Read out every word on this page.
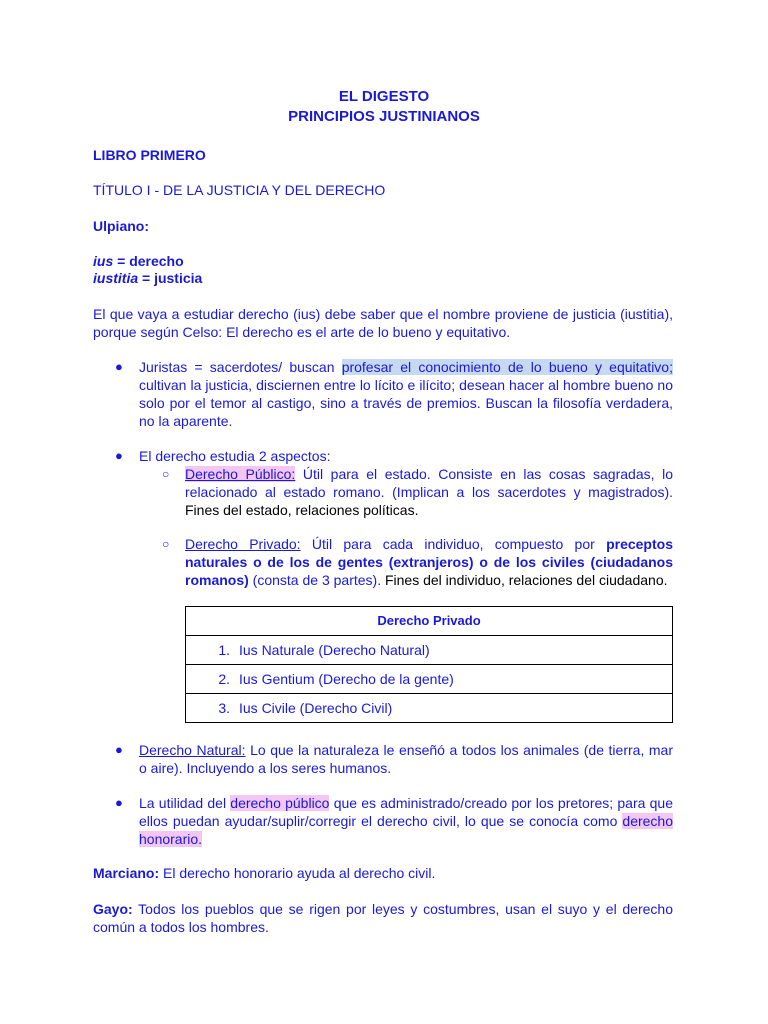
EL DIGESTO
PRINCIPIOS JUSTINIANOS
LIBRO PRIMERO
TÍTULO I - DE LA JUSTICIA Y DEL DERECHO
Ulpiano:
ius = derecho
iustitia = justicia
El que vaya a estudiar derecho (ius) debe saber que el nombre proviene de justicia (iustitia), porque según Celso: El derecho es el arte de lo bueno y equitativo.
● Juristas = sacerdotes/ buscan profesar el conocimiento de lo bueno y equitativo; cultivan la justicia, disciernen entre lo lícito e ilícito; desean hacer al hombre bueno no solo por el temor al castigo, sino a través de premios. Buscan la filosofía verdadera, no la aparente.
● El derecho estudia 2 aspectos:
○ Derecho Público: Útil para el estado. Consiste en las cosas sagradas, lo relacionado al estado romano. (Implican a los sacerdotes y magistrados). Fines del estado, relaciones políticas.
○ Derecho Privado: Útil para cada individuo, compuesto por preceptos naturales o de los de gentes (extranjeros) o de los civiles (ciudadanos romanos) (consta de 3 partes). Fines del individuo, relaciones del ciudadano.
Derecho Privado
1. Ius Naturale (Derecho Natural)
2. Ius Gentium (Derecho de la gente)
3. Ius Civile (Derecho Civil)
● Derecho Natural: Lo que la naturaleza le enseñó a todos los animales (de tierra, mar o aire). Incluyendo a los seres humanos.
● La utilidad del derecho público que es administrado/creado por los pretores; para que ellos puedan ayudar/suplir/corregir el derecho civil, lo que se conocía como derecho honorario.
Marciano: El derecho honorario ayuda al derecho civil.
Gayo: Todos los pueblos que se rigen por leyes y costumbres, usan el suyo y el derecho común a todos los hombres.
